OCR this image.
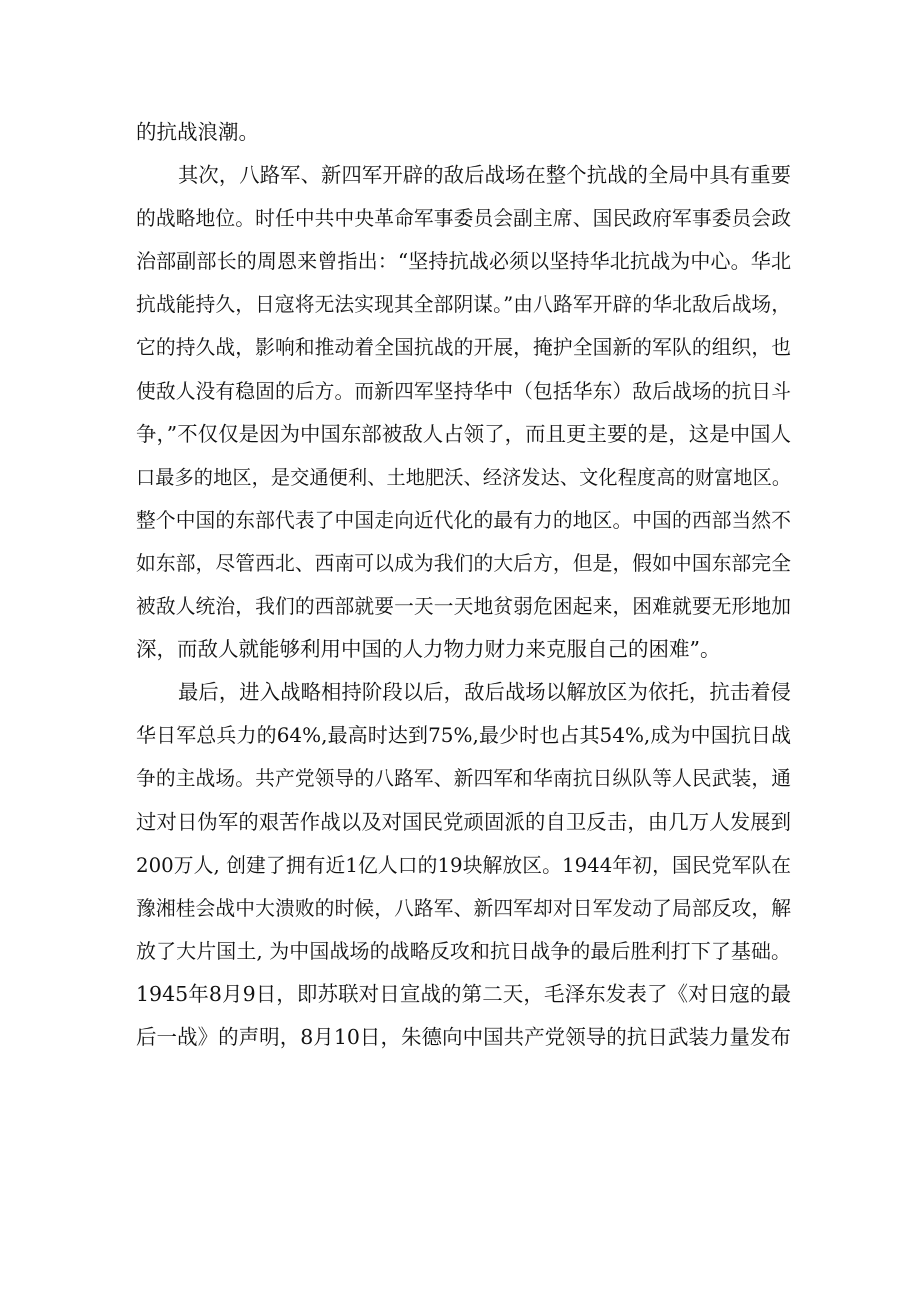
的抗战浪潮。
其次，八路军、新四军开辟的敌后战场在整个抗战的全局中具有重要
的战略地位。时任中共中央革命军事委员会副主席、国民政府军事委员会政
治部副部长的周恩来曾指出：“坚持抗战必须以坚持华北抗战为中心。华北
抗战能持久，日寇将无法实现其全部阴谋。”由八路军开辟的华北敌后战场，
它的持久战，影响和推动着全国抗战的开展，掩护全国新的军队的组织，也
使敌人没有稳固的后方。而新四军坚持华中（包括华东）敌后战场的抗日斗
争，”不仅仅是因为中国东部被敌人占领了，而且更主要的是，这是中国人
口最多的地区，是交通便利、土地肥沃、经济发达、文化程度高的财富地区。
整个中国的东部代表了中国走向近代化的最有力的地区。中国的西部当然不
如东部，尽管西北、西南可以成为我们的大后方，但是，假如中国东部完全
被敌人统治，我们的西部就要一天一天地贫弱危困起来，困难就要无形地加
深，而敌人就能够利用中国的人力物力财力来克服自己的困难”。
最后，进入战略相持阶段以后，敌后战场以解放区为依托，抗击着侵
华日军总兵力的64%,最高时达到75%,最少时也占其54%,成为中国抗日战
争的主战场。共产党领导的八路军、新四军和华南抗日纵队等人民武装，通
过对日伪军的艰苦作战以及对国民党顽固派的自卫反击，由几万人发展到
200万人, 创建了拥有近1亿人口的19块解放区。1944年初，国民党军队在
豫湘桂会战中大溃败的时候，八路军、新四军却对日军发动了局部反攻，解
放了大片国土, 为中国战场的战略反攻和抗日战争的最后胜利打下了基础。
1945年8月9日，即苏联对日宣战的第二天，毛泽东发表了《对日寇的最
后一战》的声明，8月10日，朱德向中国共产党领导的抗日武装力量发布
